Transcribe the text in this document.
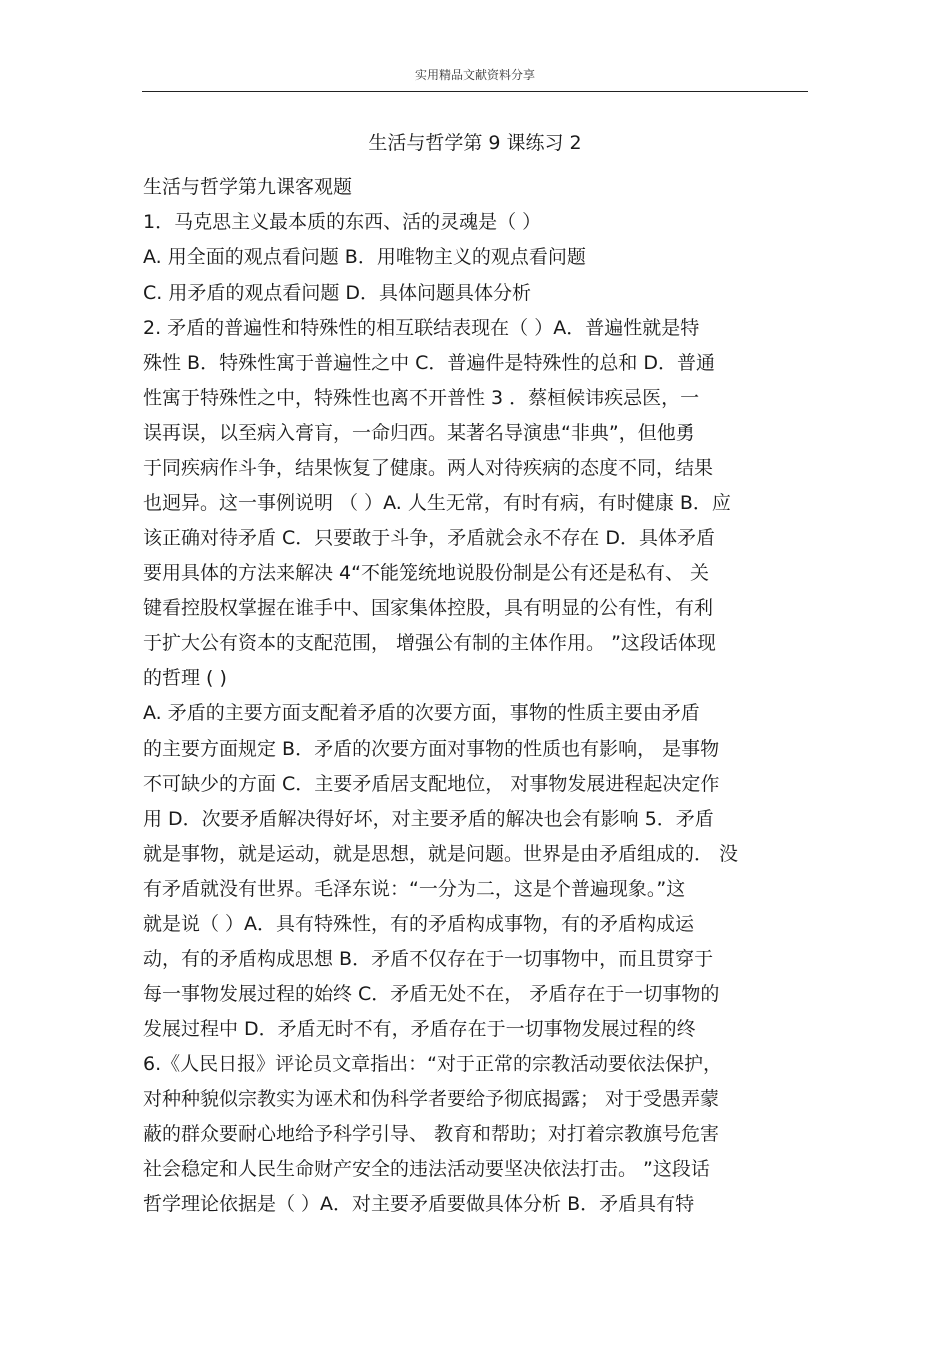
实用精品文献资料分享
生活与哲学第 9 课练习 2
生活与哲学第九课客观题
1．马克思主义最本质的东西、活的灵魂是（ ）
A. 用全面的观点看问题 B．用唯物主义的观点看问题
C. 用矛盾的观点看问题 D．具体问题具体分析
2. 矛盾的普遍性和特殊性的相互联结表现在（ ）A．普遍性就是特
殊性 B．特殊性寓于普遍性之中 C．普遍件是特殊性的总和 D．普通
性寓于特殊性之中，特殊性也离不开普性 3 ．蔡桓候讳疾忌医，一
误再误，以至病入膏肓，一命归西。某著名导演患“非典”，但他勇
于同疾病作斗争，结果恢复了健康。两人对待疾病的态度不同，结果
也迥异。这一事例说明 （ ）A. 人生无常，有时有病，有时健康 B．应
该正确对待矛盾 C．只要敢于斗争，矛盾就会永不存在 D．具体矛盾
要用具体的方法来解决 4“不能笼统地说股份制是公有还是私有、 关
键看控股权掌握在谁手中、国家集体控股，具有明显的公有性，有利
于扩大公有资本的支配范围， 增强公有制的主体作用。 ”这段话体现
的哲理 ( )
A. 矛盾的主要方面支配着矛盾的次要方面，事物的性质主要由矛盾
的主要方面规定 B．矛盾的次要方面对事物的性质也有影响， 是事物
不可缺少的方面 C．主要矛盾居支配地位， 对事物发展进程起决定作
用 D．次要矛盾解决得好坏，对主要矛盾的解决也会有影响 5．矛盾
就是事物，就是运动，就是思想，就是问题。世界是由矛盾组成的． 没
有矛盾就没有世界。毛泽东说：“一分为二，这是个普遍现象。”这
就是说（ ）A．具有特殊性，有的矛盾构成事物，有的矛盾构成运
动，有的矛盾构成思想 B．矛盾不仅存在于一切事物中，而且贯穿于
每一事物发展过程的始终 C．矛盾无处不在， 矛盾存在于一切事物的
发展过程中 D．矛盾无时不有，矛盾存在于一切事物发展过程的终
6.《人民日报》评论员文章指出：“对于正常的宗教活动要依法保护，
对种种貌似宗教实为诬术和伪科学者要给予彻底揭露； 对于受愚弄蒙
蔽的群众要耐心地给予科学引导、 教育和帮助；对打着宗教旗号危害
社会稳定和人民生命财产安全的违法活动要坚决依法打击。 ”这段话
哲学理论依据是（ ）A．对主要矛盾要做具体分析 B．矛盾具有特
